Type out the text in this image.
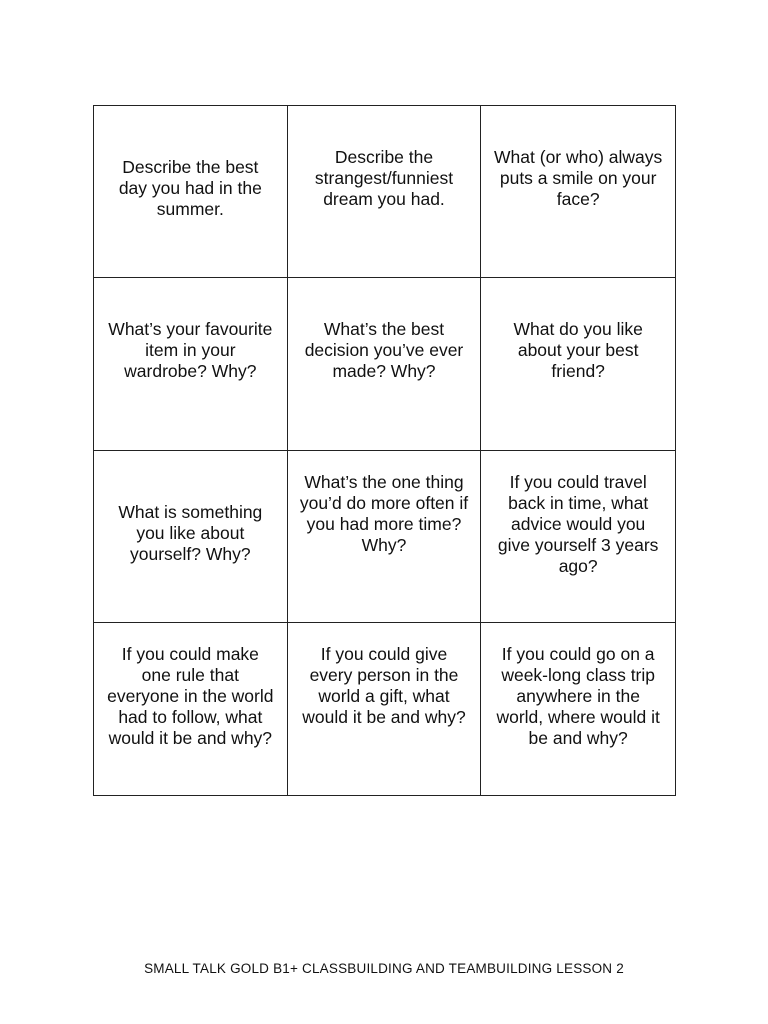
Describe the best day you had in the summer.

Describe the strangest/funniest dream you had.

What (or who) always puts a smile on your face?

What’s your favourite item in your wardrobe? Why?

What’s the best decision you’ve ever made? Why?

What do you like about your best friend?

What is something you like about yourself? Why?

What’s the one thing you’d do more often if you had more time? Why?

If you could travel back in time, what advice would you give yourself 3 years ago?

If you could make one rule that everyone in the world had to follow, what would it be and why?

If you could give every person in the world a gift, what would it be and why?

If you could go on a week-long class trip anywhere in the world, where would it be and why?

SMALL TALK GOLD B1+ CLASSBUILDING AND TEAMBUILDING LESSON 2
